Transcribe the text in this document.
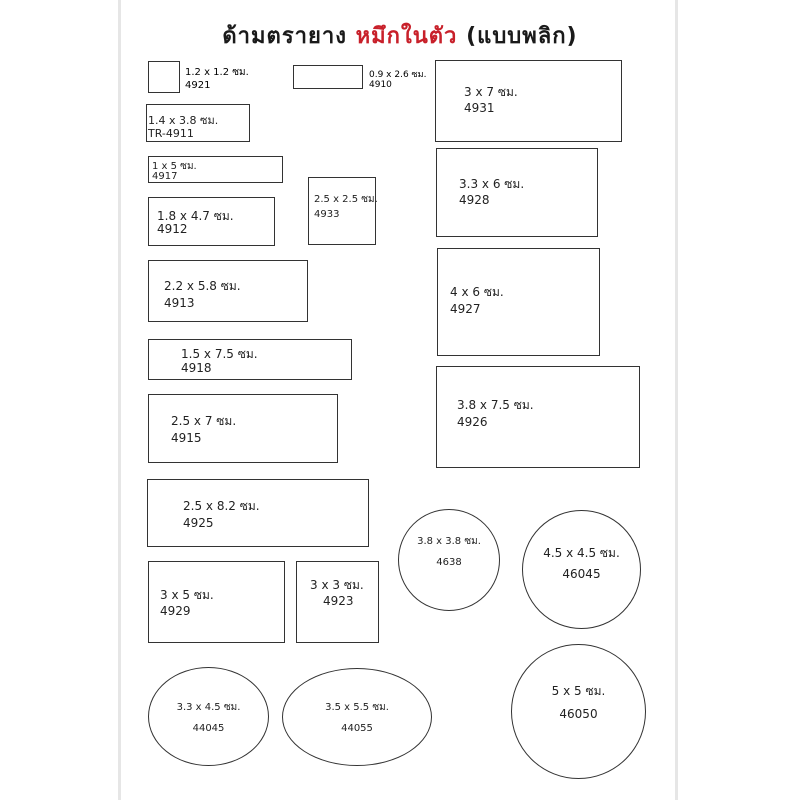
ด้ามตรายาง หมึกในตัว (แบบพลิก)
1.2 x 1.2 ซม.
4921
0.9 x 2.6 ซม.
4910	3 x 7 ซม.
4931
1.4 x 3.8 ซม.
TR-4911
1 x 5 ซม.
4917
3.3 x 6 ซม.
4928
2.5 x 2.5 ซม.
4933
1.8 x 4.7 ซม.
4912
2.2 x 5.8 ซม.
4913
4 x 6 ซม.
4927
1.5 x 7.5 ซม.
4918
3.8 x 7.5 ซม.
4926
2.5 x 7 ซม.
4915
2.5 x 8.2 ซม.
4925
3 x 5 ซม.
4929
3 x 3 ซม.
4923
3.8 x 3.8 ซม.
4638
4.5 x 4.5 ซม.
46045
3.3 x 4.5 ซม.
44045
3.5 x 5.5 ซม.
44055
5 x 5 ซม.
46050
